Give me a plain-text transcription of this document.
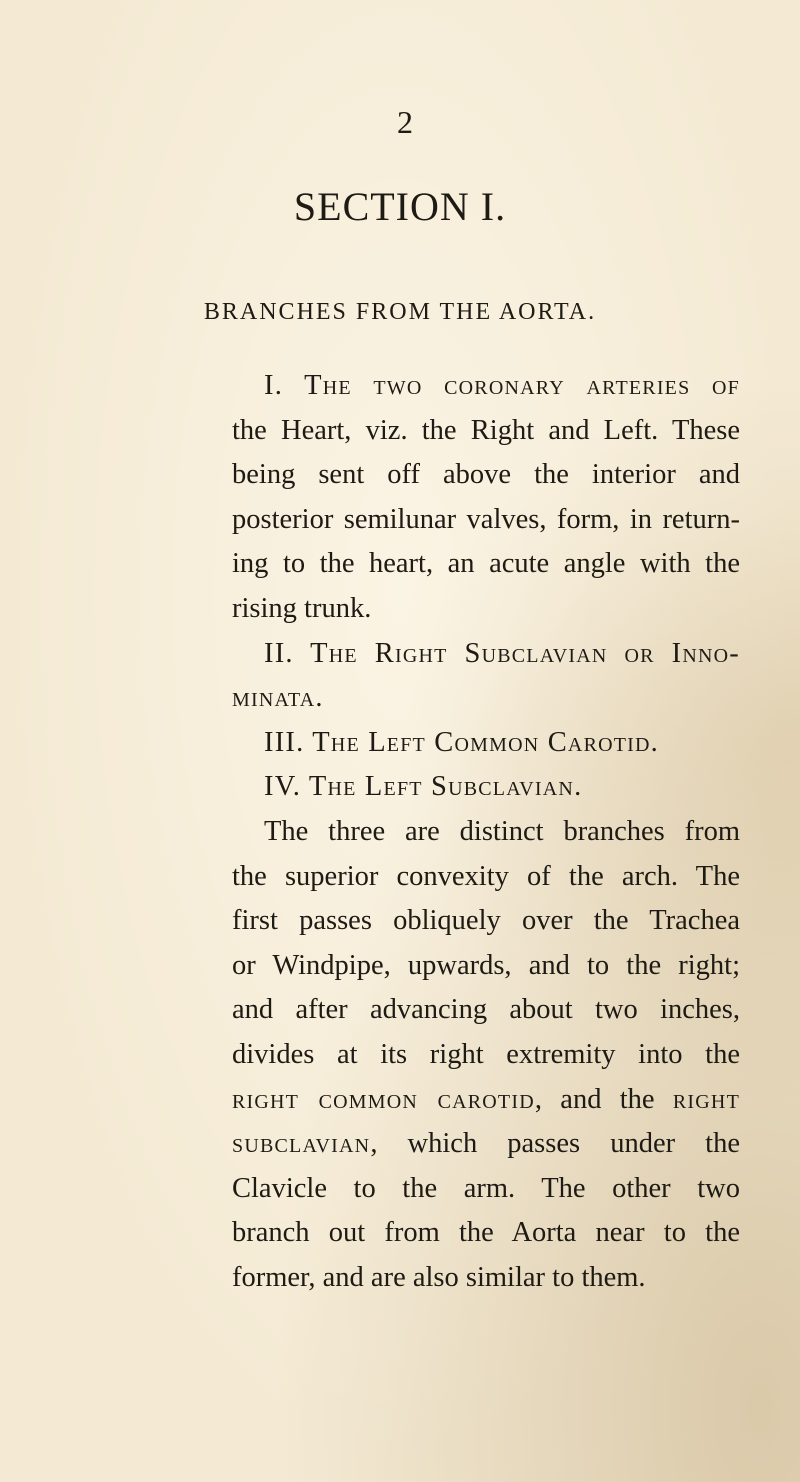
2
SECTION I.
BRANCHES FROM THE AORTA.
I. The two coronary arteries of
the Heart, viz. the Right and Left. These
being sent off above the interior and
posterior semilunar valves, form, in return-
ing to the heart, an acute angle with the
rising trunk.
II. The Right Subclavian or Inno-
minata.
III. The Left Common Carotid.
IV. The Left Subclavian.
The three are distinct branches from
the superior convexity of the arch. The
first passes obliquely over the Trachea
or Windpipe, upwards, and to the right;
and after advancing about two inches,
divides at its right extremity into the
right common carotid, and the right
subclavian, which passes under the
Clavicle to the arm. The other two
branch out from the Aorta near to the
former, and are also similar to them.
